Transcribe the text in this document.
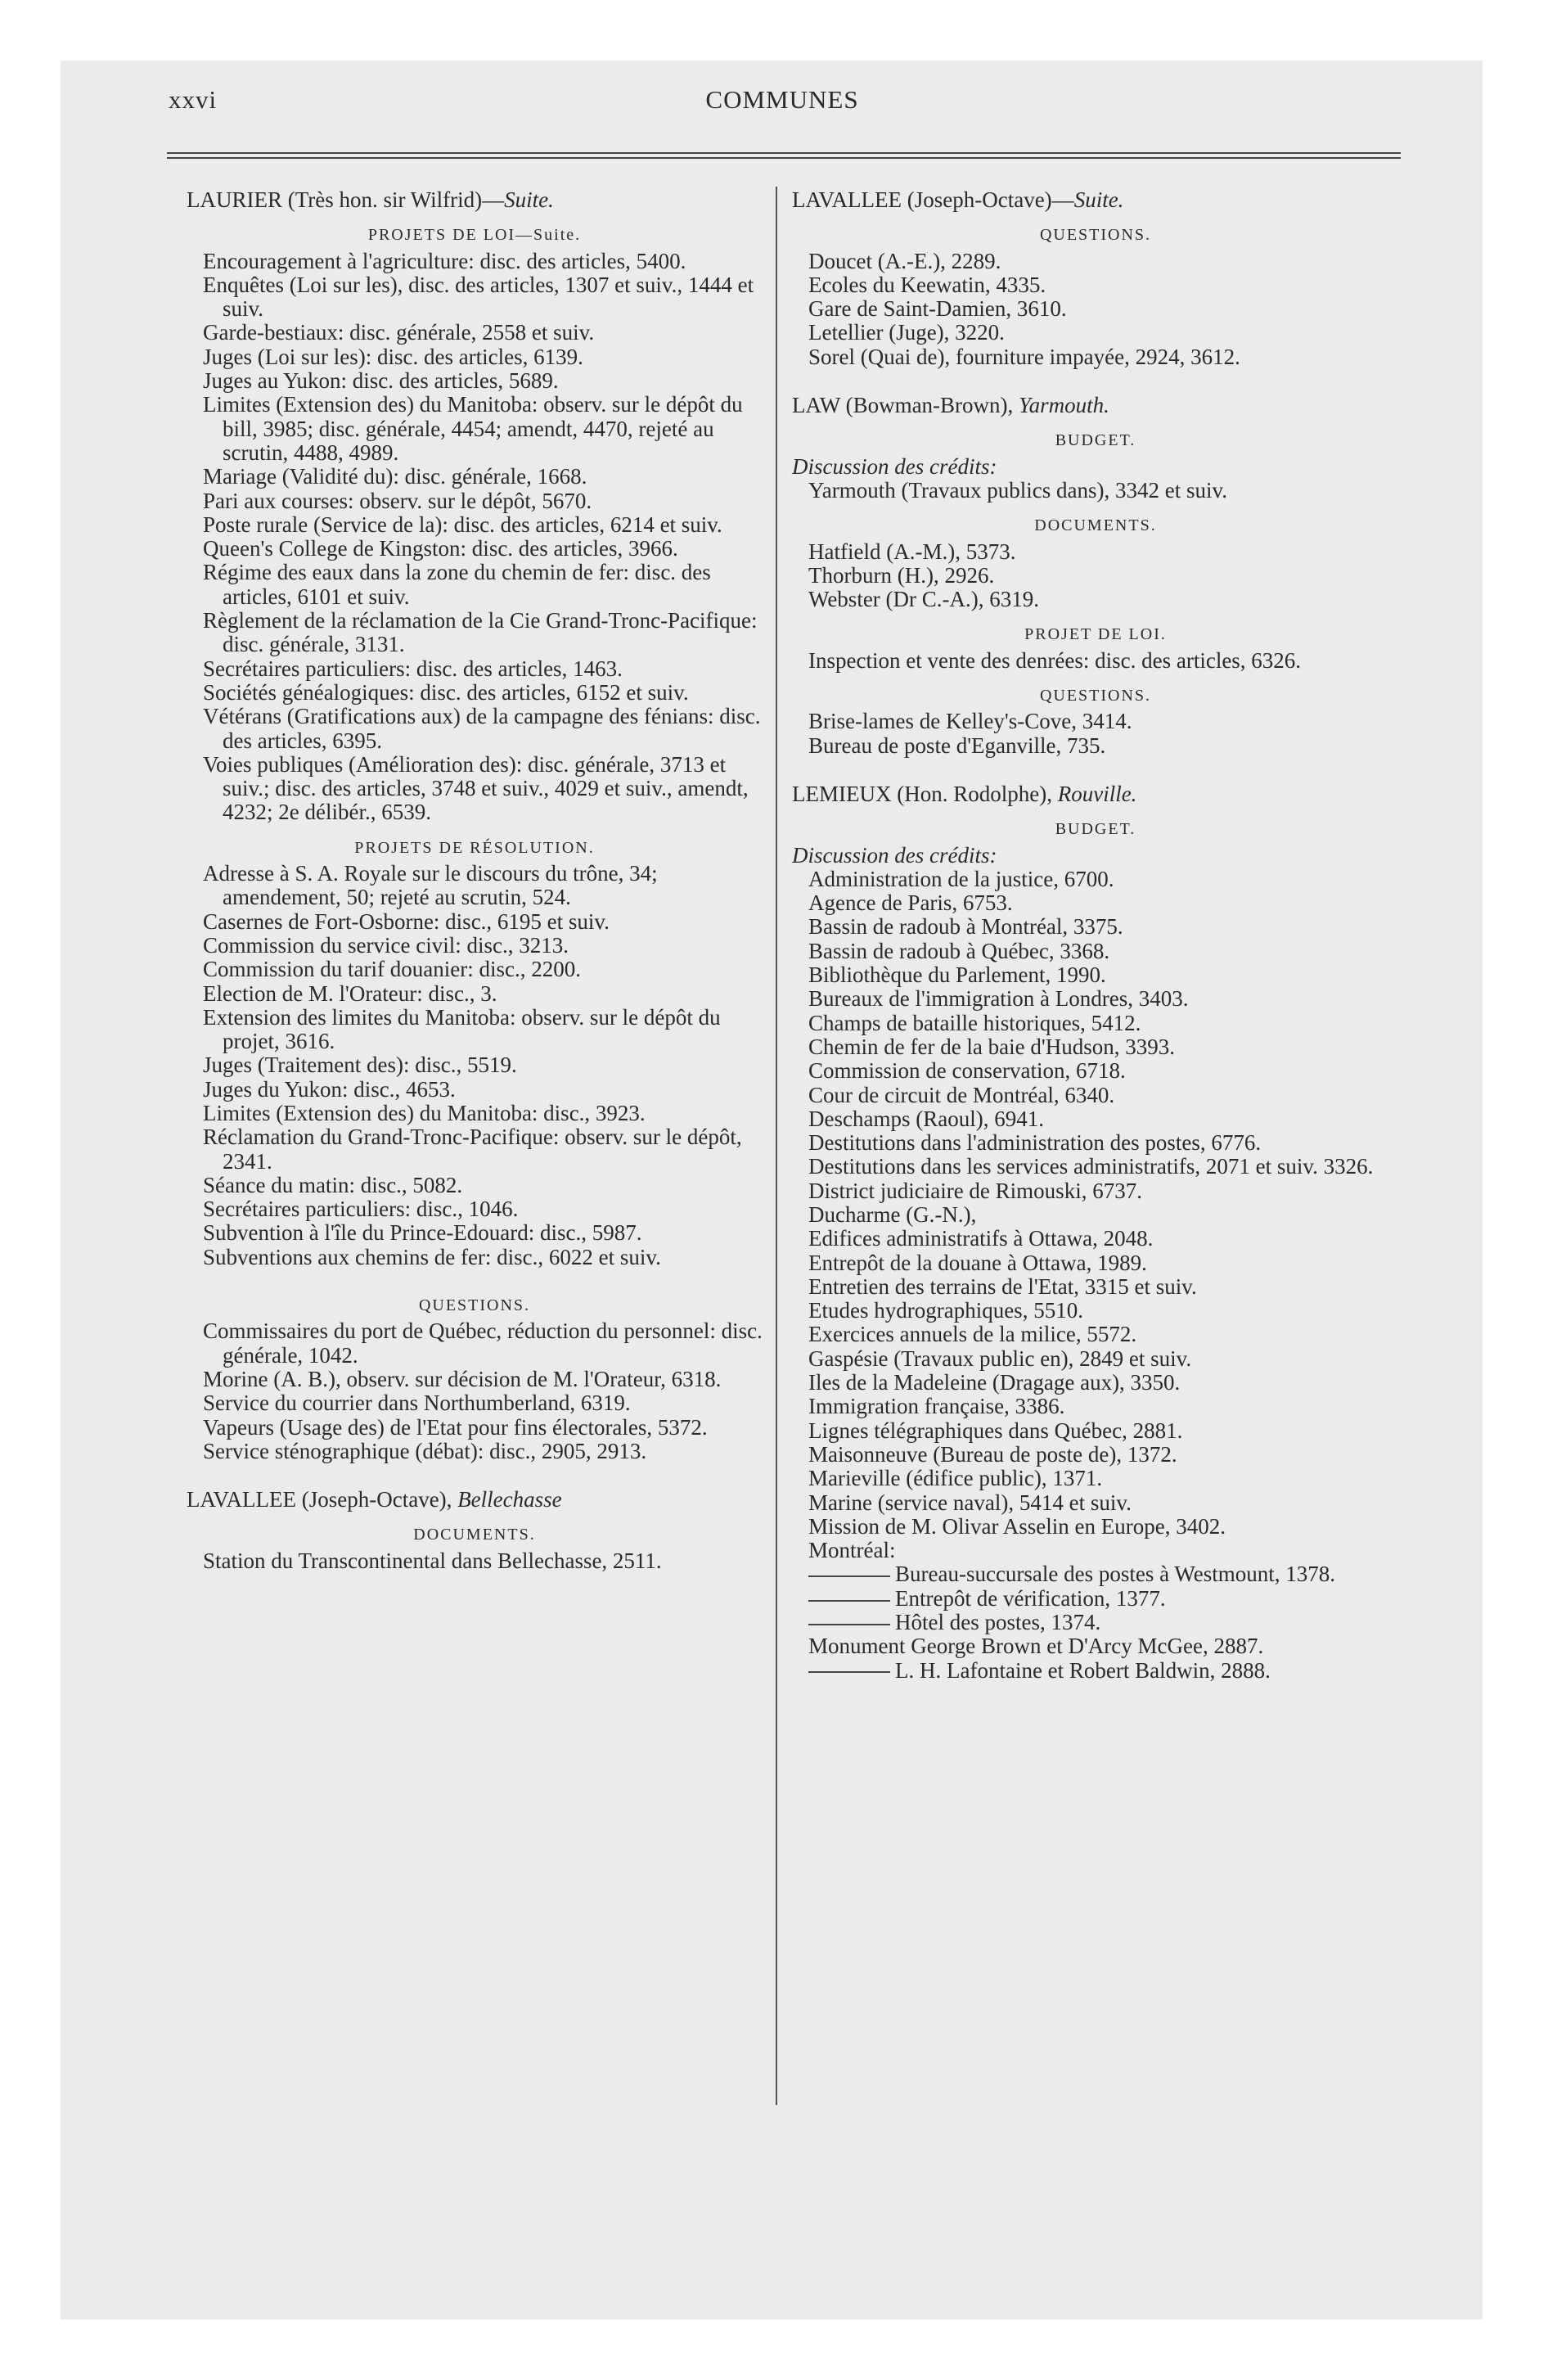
xxvi	COMMUNES

LAURIER (Très hon. sir Wilfrid)—Suite.

PROJETS DE LOI—Suite.

Encouragement à l'agriculture: disc. des articles, 5400.

Enquêtes (Loi sur les), disc. des articles, 1307 et suiv., 1444 et suiv.

Garde-bestiaux: disc. générale, 2558 et suiv.

Juges (Loi sur les): disc. des articles, 6139.

Juges au Yukon: disc. des articles, 5689.

Limites (Extension des) du Manitoba: observ. sur le dépôt du bill, 3985; disc. générale, 4454; amendt, 4470, rejeté au scrutin, 4488, 4989.

Mariage (Validité du): disc. générale, 1668.

Pari aux courses: observ. sur le dépôt, 5670.

Poste rurale (Service de la): disc. des articles, 6214 et suiv.

Queen's College de Kingston: disc. des articles, 3966.

Régime des eaux dans la zone du chemin de fer: disc. des articles, 6101 et suiv.

Règlement de la réclamation de la Cie Grand-Tronc-Pacifique: disc. générale, 3131.

Secrétaires particuliers: disc. des articles, 1463.

Sociétés généalogiques: disc. des articles, 6152 et suiv.

Vétérans (Gratifications aux) de la campagne des fénians: disc. des articles, 6395.

Voies publiques (Amélioration des): disc. générale, 3713 et suiv.; disc. des articles, 3748 et suiv., 4029 et suiv., amendt, 4232; 2e délibér., 6539.

PROJETS DE RÉSOLUTION.

Adresse à S. A. Royale sur le discours du trône, 34; amendement, 50; rejeté au scrutin, 524.

Casernes de Fort-Osborne: disc., 6195 et suiv.

Commission du service civil: disc., 3213.

Commission du tarif douanier: disc., 2200.

Election de M. l'Orateur: disc., 3.

Extension des limites du Manitoba: observ. sur le dépôt du projet, 3616.

Juges (Traitement des): disc., 5519.

Juges du Yukon: disc., 4653.

Limites (Extension des) du Manitoba: disc., 3923.

Réclamation du Grand-Tronc-Pacifique: observ. sur le dépôt, 2341.

Séance du matin: disc., 5082.

Secrétaires particuliers: disc., 1046.

Subvention à l'île du Prince-Edouard: disc., 5987.

Subventions aux chemins de fer: disc., 6022 et suiv.

QUESTIONS.

Commissaires du port de Québec, réduction du personnel: disc. générale, 1042.

Morine (A. B.), observ. sur décision de M. l'Orateur, 6318.

Service du courrier dans Northumberland, 6319.

Vapeurs (Usage des) de l'Etat pour fins électorales, 5372.

Service sténographique (débat): disc., 2905, 2913.

LAVALLEE (Joseph-Octave), Bellechasse

DOCUMENTS.

Station du Transcontinental dans Bellechasse, 2511.

LAVALLEE (Joseph-Octave)—Suite.

QUESTIONS.

Doucet (A.-E.), 2289.

Ecoles du Keewatin, 4335.

Gare de Saint-Damien, 3610.

Letellier (Juge), 3220.

Sorel (Quai de), fourniture impayée, 2924, 3612.

LAW (Bowman-Brown), Yarmouth.

BUDGET.

Discussion des crédits:

Yarmouth (Travaux publics dans), 3342 et suiv.

DOCUMENTS.

Hatfield (A.-M.), 5373.

Thorburn (H.), 2926.

Webster (Dr C.-A.), 6319.

PROJET DE LOI.

Inspection et vente des denrées: disc. des articles, 6326.

QUESTIONS.

Brise-lames de Kelley's-Cove, 3414.

Bureau de poste d'Eganville, 735.

LEMIEUX (Hon. Rodolphe), Rouville.

BUDGET.

Discussion des crédits:

Administration de la justice, 6700.

Agence de Paris, 6753.

Bassin de radoub à Montréal, 3375.

Bassin de radoub à Québec, 3368.

Bibliothèque du Parlement, 1990.

Bureaux de l'immigration à Londres, 3403.

Champs de bataille historiques, 5412.

Chemin de fer de la baie d'Hudson, 3393.

Commission de conservation, 6718.

Cour de circuit de Montréal, 6340.

Deschamps (Raoul), 6941.

Destitutions dans l'administration des postes, 6776.

Destitutions dans les services administratifs, 2071 et suiv. 3326.

District judiciaire de Rimouski, 6737.

Ducharme (G.-N.),

Edifices administratifs à Ottawa, 2048.

Entrepôt de la douane à Ottawa, 1989.

Entretien des terrains de l'Etat, 3315 et suiv.

Etudes hydrographiques, 5510.

Exercices annuels de la milice, 5572.

Gaspésie (Travaux public en), 2849 et suiv.

Iles de la Madeleine (Dragage aux), 3350.

Immigration française, 3386.

Lignes télégraphiques dans Québec, 2881.

Maisonneuve (Bureau de poste de), 1372.

Marieville (édifice public), 1371.

Marine (service naval), 5414 et suiv.

Mission de M. Olivar Asselin en Europe, 3402.

Montréal:

Bureau-succursale des postes à Westmount, 1378.

Entrepôt de vérification, 1377.

Hôtel des postes, 1374.

Monument George Brown et D'Arcy McGee, 2887.

L. H. Lafontaine et Robert Baldwin, 2888.
